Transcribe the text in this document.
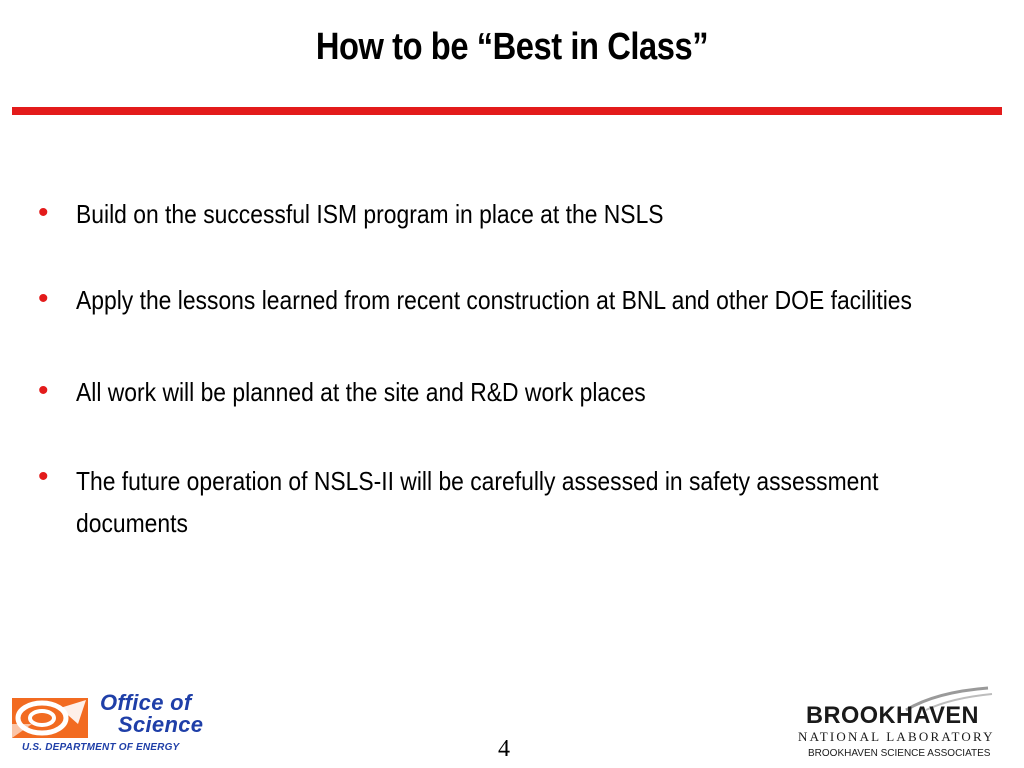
How to be “Best in Class”
• Build on the successful ISM program in place at the NSLS
• Apply the lessons learned from recent construction at BNL and other DOE facilities
• All work will be planned at the site and R&D work places
• The future operation of NSLS-II will be carefully assessed in safety assessment documents
Office of
Science
U.S. DEPARTMENT OF ENERGY	4
BROOKHAVEN
NATIONAL LABORATORY
BROOKHAVEN SCIENCE ASSOCIATES
